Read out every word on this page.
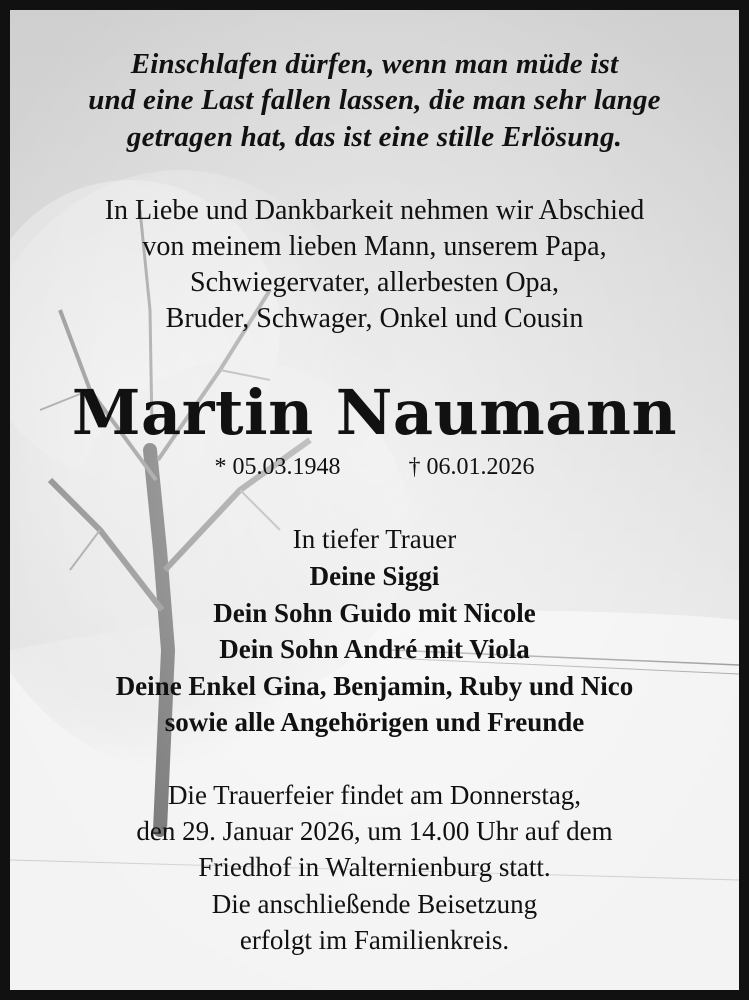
Einschlafen dürfen, wenn man müde ist
und eine Last fallen lassen, die man sehr lange
getragen hat, das ist eine stille Erlösung.
In Liebe und Dankbarkeit nehmen wir Abschied
von meinem lieben Mann, unserem Papa,
Schwiegervater, allerbesten Opa,
Bruder, Schwager, Onkel und Cousin
Martin Naumann
* 05.03.1948	† 06.01.2026
In tiefer Trauer
Deine Siggi
Dein Sohn Guido mit Nicole
Dein Sohn André mit Viola
Deine Enkel Gina, Benjamin, Ruby und Nico
sowie alle Angehörigen und Freunde
Die Trauerfeier findet am Donnerstag,
den 29. Januar 2026, um 14.00 Uhr auf dem
Friedhof in Walternienburg statt.
Die anschließende Beisetzung
erfolgt im Familienkreis.
